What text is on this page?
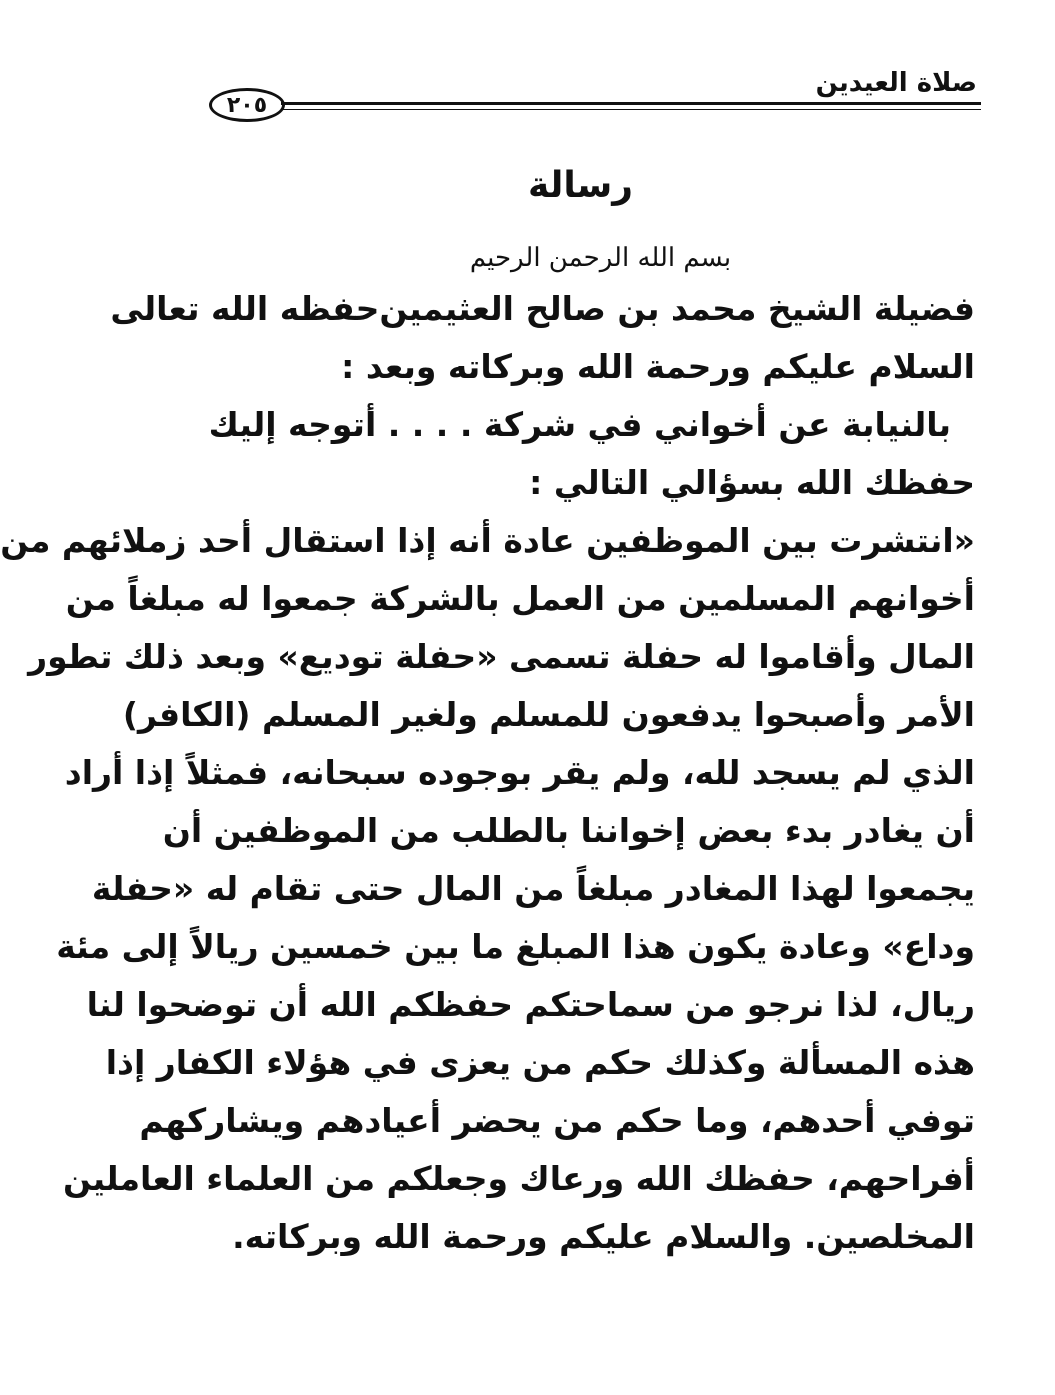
صلاة العيدين
٢٠٥
رسالة
بسم الله الرحمن الرحيم
فضيلة الشيخ محمد بن صالح العثيمين
حفظه الله تعالى
السلام عليكم ورحمة الله وبركاته وبعد :
بالنيابة عن أخواني في شركة . . . . أتوجه إليك
حفظك الله بسؤالي التالي :
«انتشرت بين الموظفين عادة أنه إذا استقال أحد زملائهم من
أخوانهم المسلمين من العمل بالشركة جمعوا له مبلغاً من
المال وأقاموا له حفلة تسمى «حفلة توديع» وبعد ذلك تطور
الأمر وأصبحوا يدفعون للمسلم ولغير المسلم (الكافر)
الذي لم يسجد لله، ولم يقر بوجوده سبحانه، فمثلاً إذا أراد
أن يغادر بدء بعض إخواننا بالطلب من الموظفين أن
يجمعوا لهذا المغادر مبلغاً من المال حتى تقام له «حفلة
وداع» وعادة يكون هذا المبلغ ما بين خمسين ريالاً إلى مئة
ريال، لذا نرجو من سماحتكم حفظكم الله أن توضحوا لنا
هذه المسألة وكذلك حكم من يعزى في هؤلاء الكفار إذا
توفي أحدهم، وما حكم من يحضر أعيادهم ويشاركهم
أفراحهم، حفظك الله ورعاك وجعلكم من العلماء العاملين
المخلصين. والسلام عليكم ورحمة الله وبركاته.
